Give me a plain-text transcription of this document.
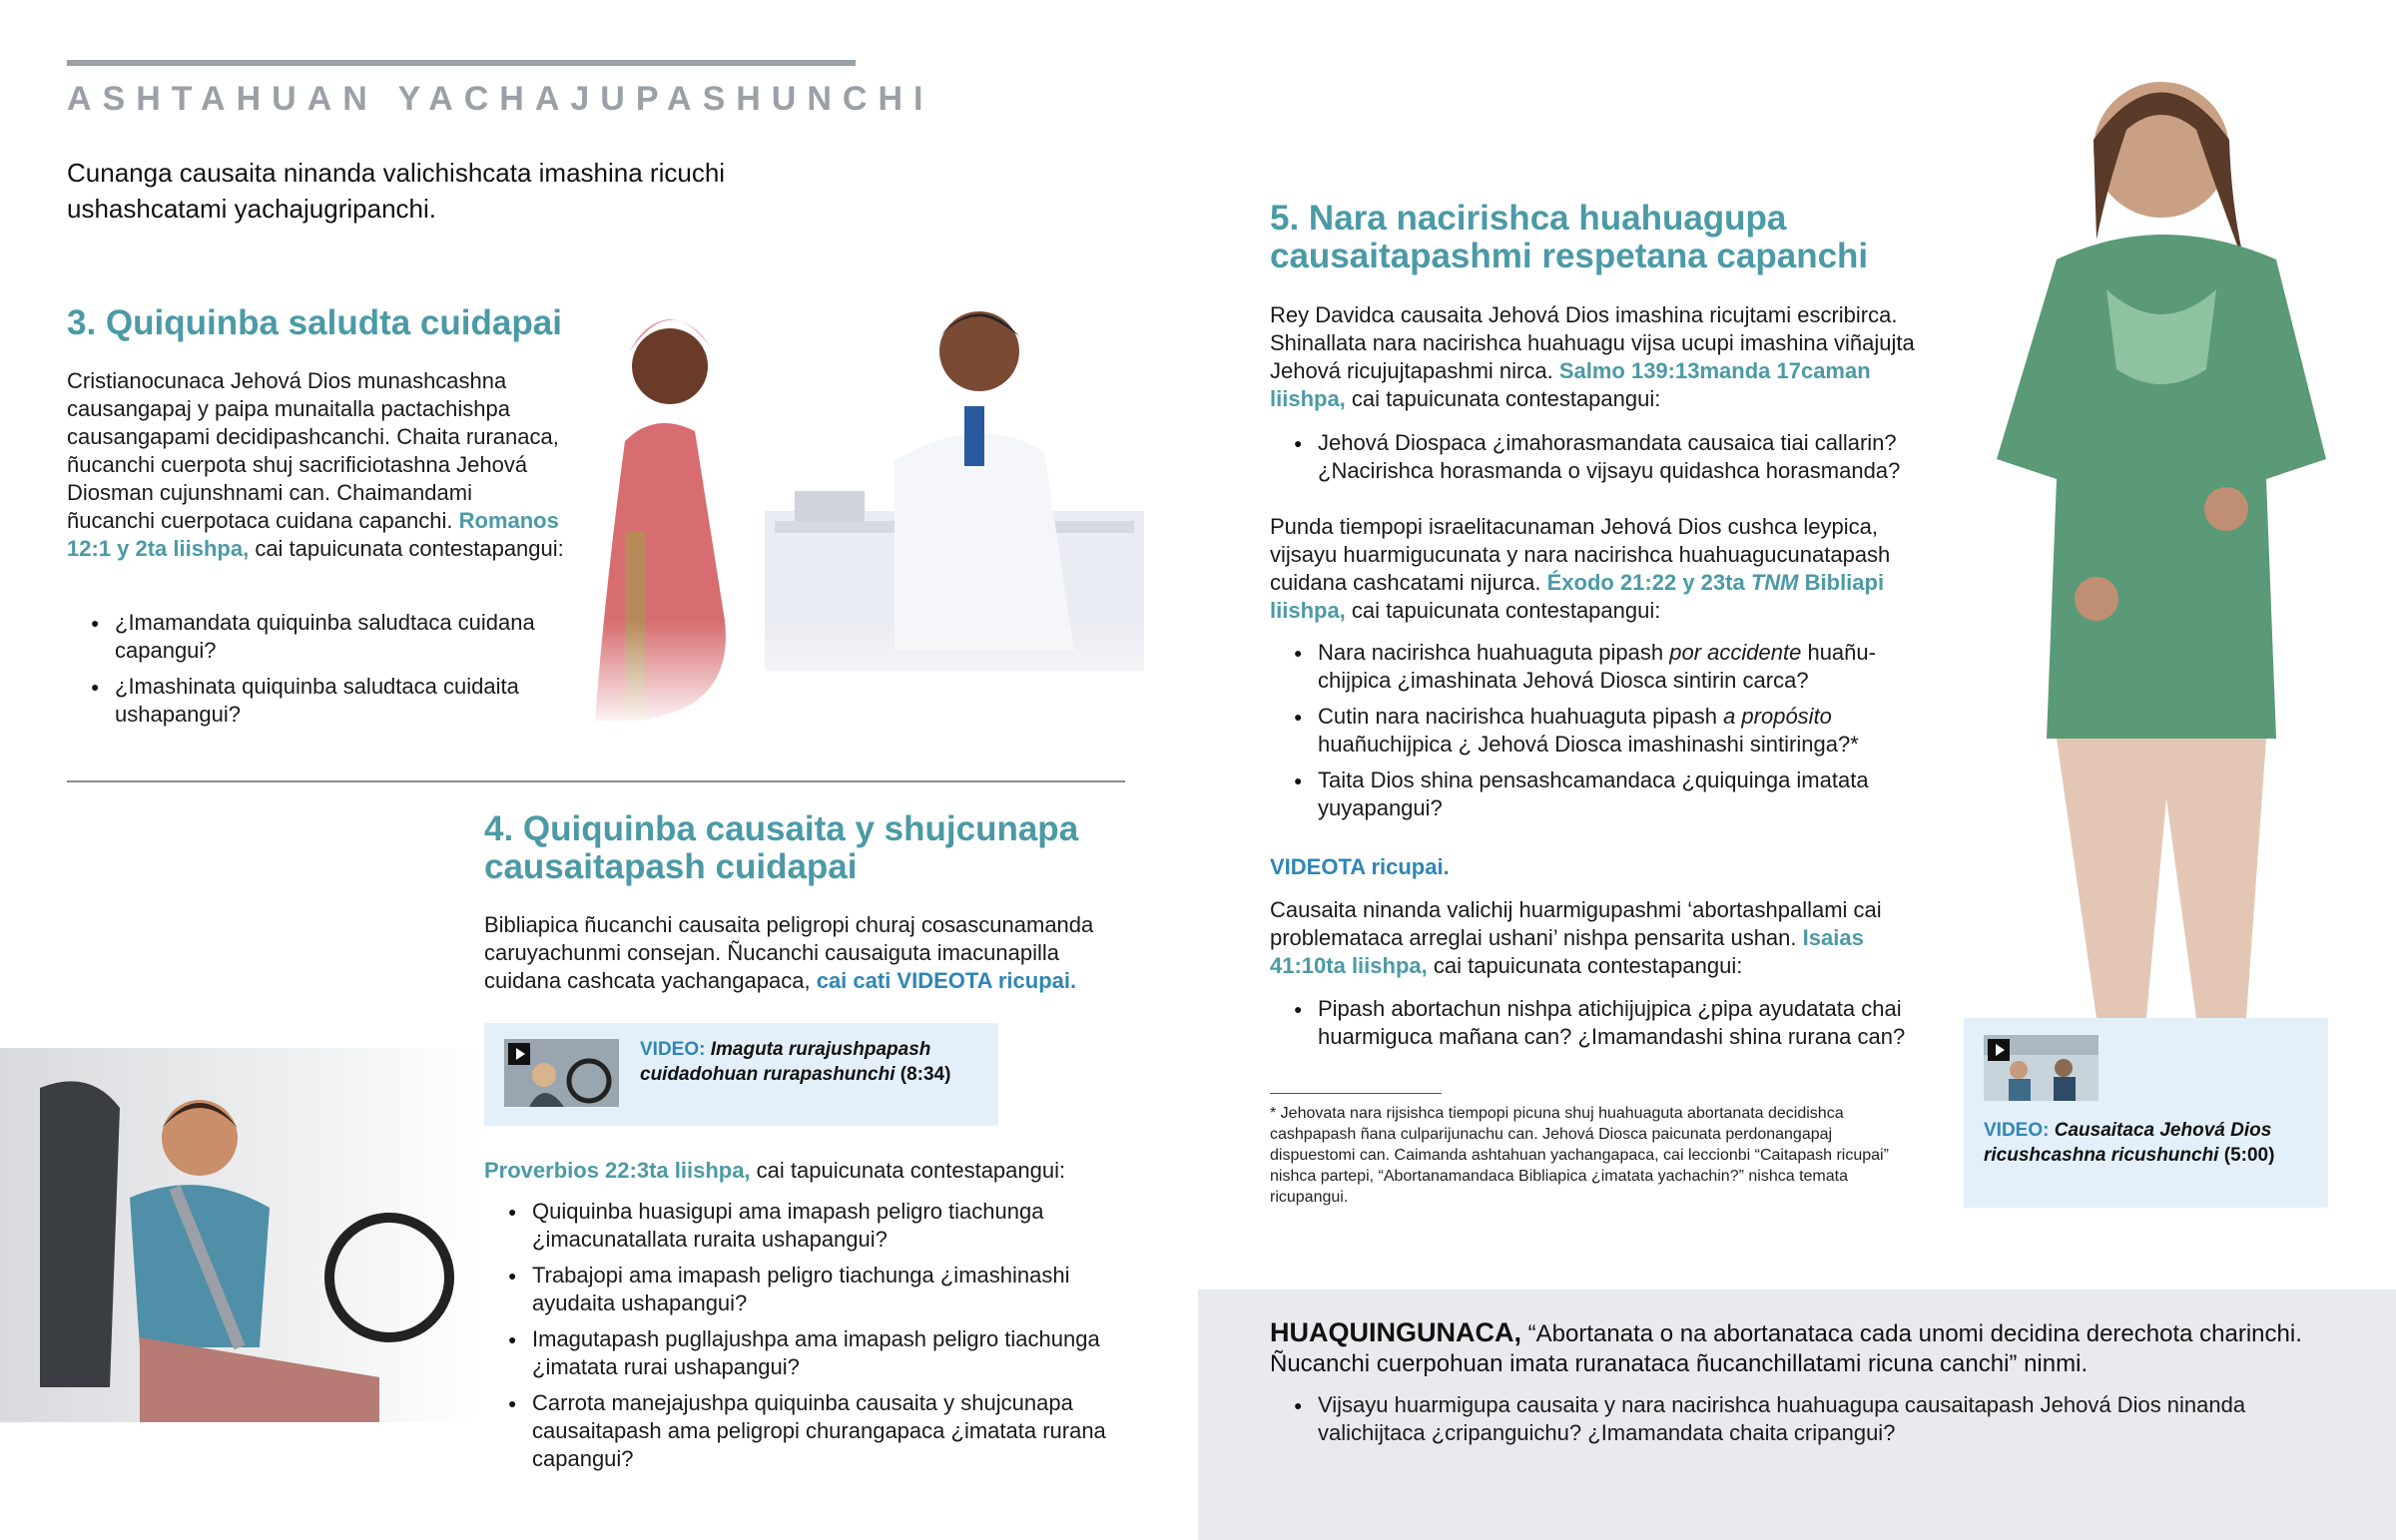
ASHTAHUAN YACHAJUPASHUNCHI
Cunanga causaita ninanda valichishcata imashina ricuchi ushashcatami yachajugripanchi.
3. Quiquinba saludta cuidapai
Cristianocunaca Jehová Dios munashcashna causangapaj y paipa munaitalla pactachishpa causangapami decidipashcanchi. Chaita ruranaca, ñucanchi cuerpota shuj sacrificiotashna Jehová Diosman cujunshnami can. Chaimandami ñucanchi cuerpotaca cuidana capanchi. Romanos 12:1 y 2ta liishpa, cai tapuicunata contestapangui:
● ¿Imamandata quiquinba saludtaca cuidana capangui?
● ¿Imashinata quiquinba saludtaca cuidaita ushapangui?
4. Quiquinba causaita y shujcunapa causaitapash cuidapai
Bibliapica ñucanchi causaita peligropi churaj cosascunamanda caruyachunmi consejan. Ñucanchi causaiguta imacunapilla cuidana cashcata yachangapaca, cai cati VIDEOTA ricupai.
VIDEO: Imaguta rurajushpapash cuidadohuan rurapashunchi (8:34)
Proverbios 22:3ta liishpa, cai tapuicunata contestapangui:
● Quiquinba huasigupi ama imapash peligro tiachunga ¿imacunatallata ruraita ushapangui?
● Trabajopi ama imapash peligro tiachunga ¿imashinashi ayudaita ushapangui?
● Imagutapash pugllajushpa ama imapash peligro tiachunga ¿imatata rurai ushapangui?
● Carrota manejajushpa quiquinba causaita y shujcunapa causaitapash ama peligropi churangapaca ¿imatata rurana capangui?
5. Nara nacirishca huahuagupa causaitapashmi respetana capanchi
Rey Davidca causaita Jehová Dios imashina ricujtami escribirca. Shinallata nara nacirishca huahuagu vijsa ucupi imashina viñajujta Jehová ricujujtapashmi nirca. Salmo 139:13manda 17caman liishpa, cai tapuicunata contestapangui:
● Jehová Diospaca ¿imahorasmandata causaica tiai callarin? ¿Nacirishca horasmanda o vijsayu quidashca horasmanda?
Punda tiempopi israelitacunaman Jehová Dios cushca leypica, vijsayu huarmigucunata y nara nacirishca huahuagucunatapash cuidana cashcatami nijurca. Éxodo 21:22 y 23ta TNM Bibliapi liishpa, cai tapuicunata contestapangui:
● Nara nacirishca huahuaguta pipash por accidente huañuchijpica ¿imashinata Jehová Diosca sintirin carca?
● Cutin nara nacirishca huahuaguta pipash a propósito huañuchijpica ¿ Jehová Diosca imashinashi sintiringa?*
● Taita Dios shina pensashcamandaca ¿quiquinga imatata yuyapangui?
VIDEOTA ricupai.
Causaita ninanda valichij huarmigupashmi ‘abortashpallami cai problemataca arreglai ushani’ nishpa pensarita ushan. Isaias 41:10ta liishpa, cai tapuicunata contestapangui:
● Pipash abortachun nishpa atichijujpica ¿pipa ayudatata chai huarmiguca mañana can? ¿Imamandashi shina rurana can?
* Jehovata nara rijsishca tiempopi picuna shuj huahuaguta abortanata decidishca cashpapash ñana culparijunachu can. Jehová Diosca paicunata perdonangapaj dispuestomi can. Caimanda ashtahuan yachangapaca, cai leccionbi “Caitapash ricupai” nishca partepi, “Abortanamandaca Bibliapica ¿imatata yachachin?” nishca temata ricupangui.
VIDEO: Causaitaca Jehová Dios ricushcashna ricushunchi (5:00)
HUAQUINGUNACA, “Abortanata o na abortanataca cada unomi decidina derechota charinchi. Ñucanchi cuerpohuan imata ruranataca ñucanchillatami ricuna canchi” ninmi.
● Vijsayu huarmigupa causaita y nara nacirishca huahuagupa causaitapash Jehová Dios ninanda valichijtaca ¿cripanguichu? ¿Imamandata chaita cripangui?
